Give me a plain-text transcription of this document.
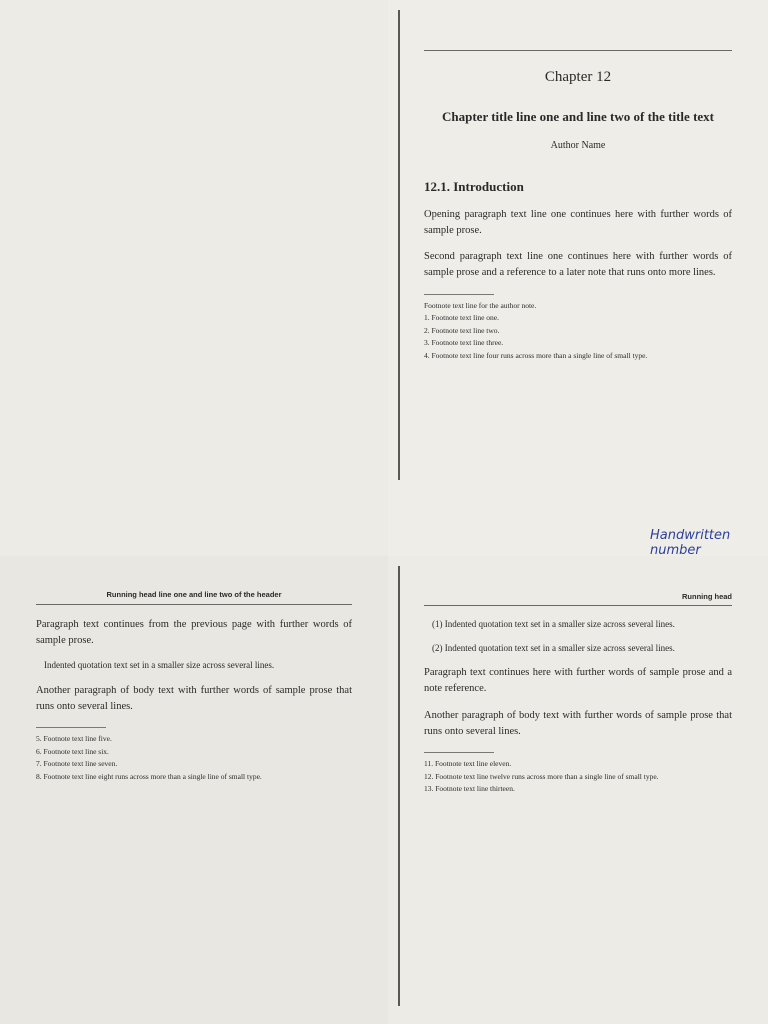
Chapter 12
Chapter title line one and line two of the title text
Author Name
12.1. Introduction

Opening paragraph text line one continues here with further words of sample prose.

Second paragraph text line one continues here with further words of sample prose and a reference to a later note that runs onto more lines.

Footnote text line for the author note.

1. Footnote text line one.

2. Footnote text line two.

3. Footnote text line three.

4. Footnote text line four runs across more than a single line of small type.

Handwritten number
Running head line one and line two of the header

Paragraph text continues from the previous page with further words of sample prose.

Indented quotation text set in a smaller size across several lines.

Another paragraph of body text with further words of sample prose that runs onto several lines.

5. Footnote text line five.

6. Footnote text line six.

7. Footnote text line seven.

8. Footnote text line eight runs across more than a single line of small type.

Running head

(1) Indented quotation text set in a smaller size across several lines.

(2) Indented quotation text set in a smaller size across several lines.

Paragraph text continues here with further words of sample prose and a note reference.

Another paragraph of body text with further words of sample prose that runs onto several lines.

11. Footnote text line eleven.

12. Footnote text line twelve runs across more than a single line of small type.

13. Footnote text line thirteen.
